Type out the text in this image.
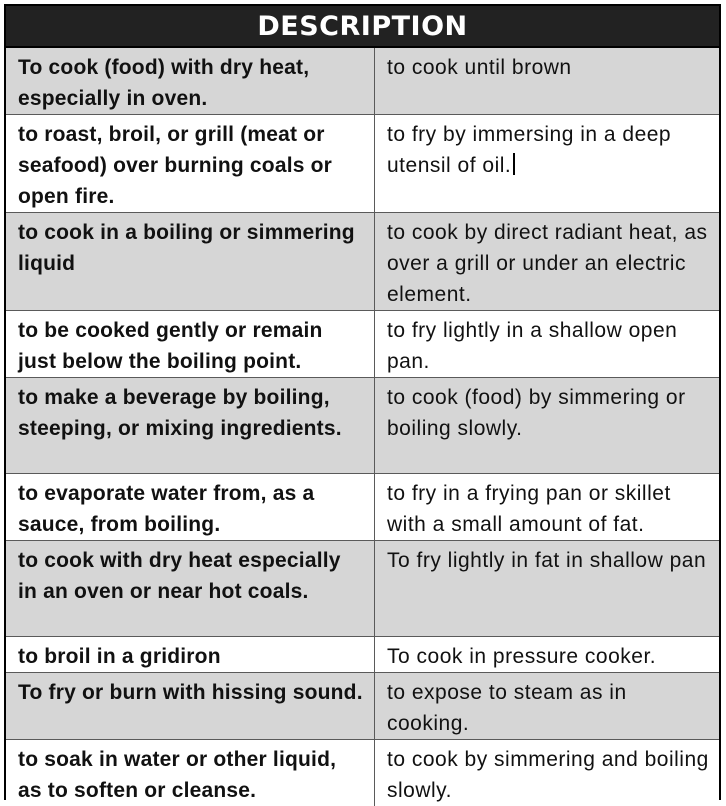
DESCRIPTION
To cook (food) with dry heat, especially in oven.	to cook until brown
to roast, broil, or grill (meat or seafood) over burning coals or open fire.	to fry by immersing in a deep utensil of oil.
to cook in a boiling or simmering liquid	to cook by direct radiant heat, as over a grill or under an electric element.
to be cooked gently or remain just below the boiling point.	to fry lightly in a shallow open pan.
to make a beverage by boiling, steeping, or mixing ingredients.	to cook (food) by simmering or boiling slowly.
to evaporate water from, as a sauce, from boiling.	to fry in a frying pan or skillet with a small amount of fat.
to cook with dry heat especially in an oven or near hot coals.	To fry lightly in fat in shallow pan
to broil in a gridiron	To cook in pressure cooker.
To fry or burn with hissing sound.	to expose to steam as in cooking.
to soak in water or other liquid, as to soften or cleanse.	to cook by simmering and boiling slowly.
